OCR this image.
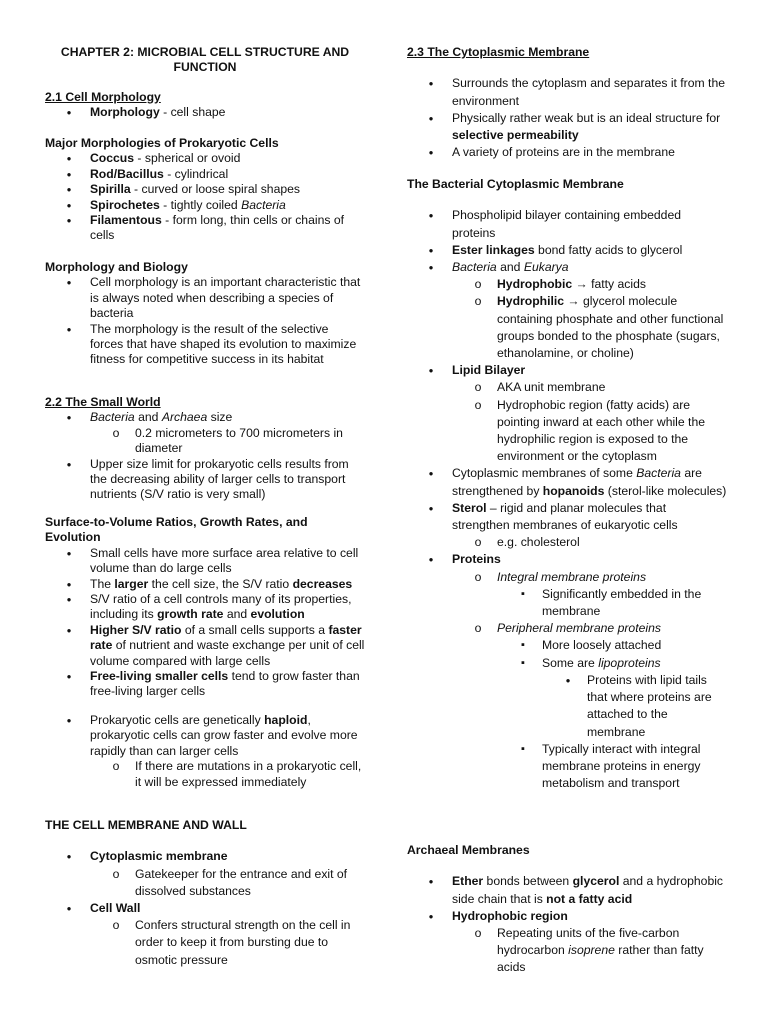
CHAPTER 2: MICROBIAL CELL STRUCTURE AND FUNCTION
2.1 Cell Morphology
●	Morphology - cell shape
Major Morphologies of Prokaryotic Cells
●	Coccus - spherical or ovoid
●	Rod/Bacillus - cylindrical
●	Spirilla - curved or loose spiral shapes
●	Spirochetes - tightly coiled Bacteria
●	Filamentous - form long, thin cells or chains of cells
Morphology and Biology
●	Cell morphology is an important characteristic that is always noted when describing a species of bacteria
●	The morphology is the result of the selective forces that have shaped its evolution to maximize fitness for competitive success in its habitat
2.2 The Small World
●	Bacteria and Archaea size
o 0.2 micrometers to 700 micrometers in diameter
●	Upper size limit for prokaryotic cells results from the decreasing ability of larger cells to transport nutrients (S/V ratio is very small)
Surface-to-Volume Ratios, Growth Rates, and Evolution
●	Small cells have more surface area relative to cell volume than do large cells
●	The larger the cell size, the S/V ratio decreases
●	S/V ratio of a cell controls many of its properties, including its growth rate and evolution
●	Higher S/V ratio of a small cells supports a faster rate of nutrient and waste exchange per unit of cell volume compared with large cells
●	Free-living smaller cells tend to grow faster than free-living larger cells
●	Prokaryotic cells are genetically haploid, prokaryotic cells can grow faster and evolve more rapidly than can larger cells
o If there are mutations in a prokaryotic cell, it will be expressed immediately
THE CELL MEMBRANE AND WALL
●	Cytoplasmic membrane
o Gatekeeper for the entrance and exit of dissolved substances
●	Cell Wall
o Confers structural strength on the cell in order to keep it from bursting due to osmotic pressure
2.3 The Cytoplasmic Membrane
●	Surrounds the cytoplasm and separates it from the environment
●	Physically rather weak but is an ideal structure for selective permeability
●	A variety of proteins are in the membrane
The Bacterial Cytoplasmic Membrane
●	Phospholipid bilayer containing embedded proteins
●	Ester linkages bond fatty acids to glycerol
●	Bacteria and Eukarya
o Hydrophobic → fatty acids
o Hydrophilic → glycerol molecule containing phosphate and other functional groups bonded to the phosphate (sugars, ethanolamine, or choline)
●	Lipid Bilayer
o AKA unit membrane
o Hydrophobic region (fatty acids) are pointing inward at each other while the hydrophilic region is exposed to the environment or the cytoplasm
●	Cytoplasmic membranes of some Bacteria are strengthened by hopanoids (sterol-like molecules)
●	Sterol – rigid and planar molecules that strengthen membranes of eukaryotic cells
o e.g. cholesterol
●	Proteins
o Integral membrane proteins
▪	Significantly embedded in the membrane
o Peripheral membrane proteins
▪	More loosely attached
▪	Some are lipoproteins
●	Proteins with lipid tails that where proteins are attached to the membrane
▪	Typically interact with integral membrane proteins in energy metabolism and transport
Archaeal Membranes
●	Ether bonds between glycerol and a hydrophobic side chain that is not a fatty acid
●	Hydrophobic region
o Repeating units of the five-carbon hydrocarbon isoprene rather than fatty acids
